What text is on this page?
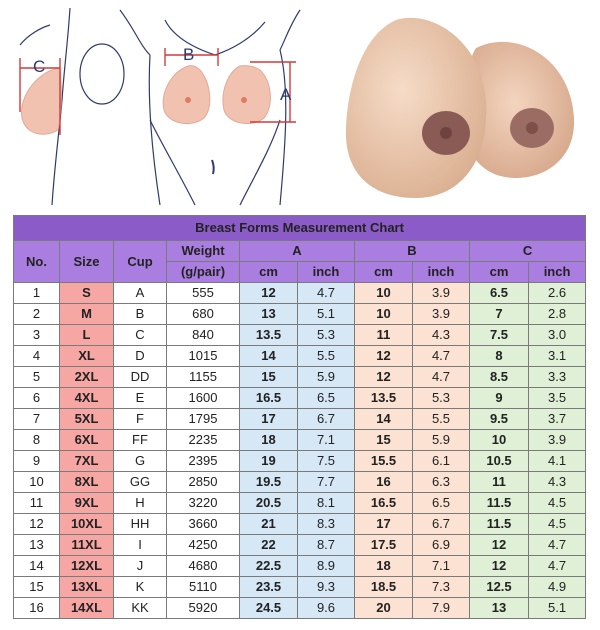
C
B
A
Breast Forms Measurement Chart									
No.	Size	Cup	Weight	A		B		C	
			(g/pair)	cm	inch	cm	inch	cm	inch
1	S	A	555	12	4.7	10	3.9	6.5	2.6
2	M	B	680	13	5.1	10	3.9	7	2.8
3	L	C	840	13.5	5.3	11	4.3	7.5	3.0
4	XL	D	1015	14	5.5	12	4.7	8	3.1
5	2XL	DD	1155	15	5.9	12	4.7	8.5	3.3
6	4XL	E	1600	16.5	6.5	13.5	5.3	9	3.5
7	5XL	F	1795	17	6.7	14	5.5	9.5	3.7
8	6XL	FF	2235	18	7.1	15	5.9	10	3.9
9	7XL	G	2395	19	7.5	15.5	6.1	10.5	4.1
10	8XL	GG	2850	19.5	7.7	16	6.3	11	4.3
11	9XL	H	3220	20.5	8.1	16.5	6.5	11.5	4.5
12	10XL	HH	3660	21	8.3	17	6.7	11.5	4.5
13	11XL	I	4250	22	8.7	17.5	6.9	12	4.7
14	12XL	J	4680	22.5	8.9	18	7.1	12	4.7
15	13XL	K	5110	23.5	9.3	18.5	7.3	12.5	4.9
16	14XL	KK	5920	24.5	9.6	20	7.9	13	5.1
